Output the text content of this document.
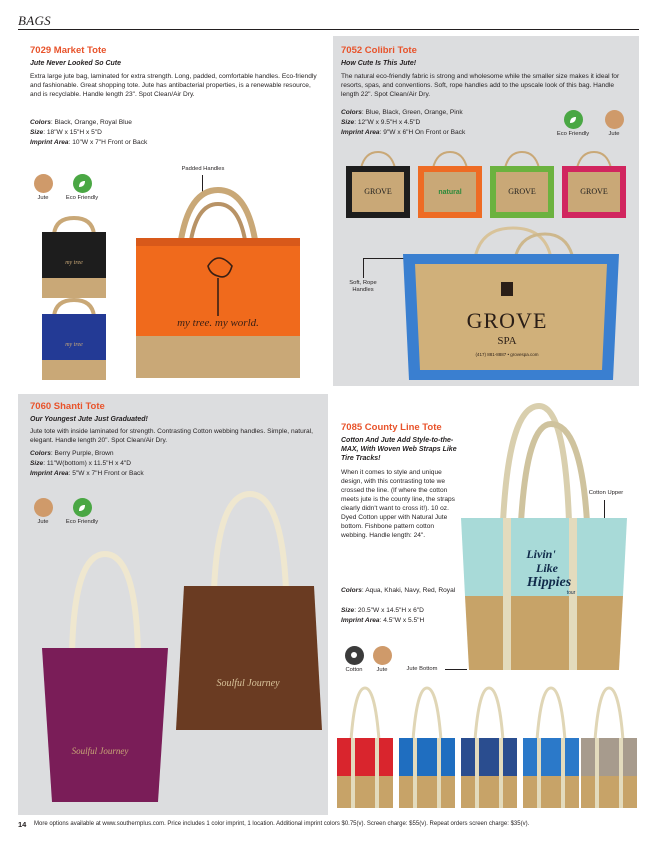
BAGS
7029 Market Tote
Jute Never Looked So Cute
Extra large jute bag, laminated for extra strength. Long, padded, comfortable handles. Eco-friendly and fashionable. Great shopping tote. Jute has antibacterial properties, is a renewable resource, and is recyclable. Handle length 23". Spot Clean/Air Dry.
Colors: Black, Orange, Royal Blue
Size: 18"W x 15"H x 5"D
Imprint Area: 10"W x 7"H Front or Back
Jute	Eco Friendly
my tree
my tree
Padded Handles
my tree. my world.
7052 Colibri Tote
How Cute Is This Jute!
The natural eco-friendly fabric is strong and wholesome while the smaller size makes it ideal for resorts, spas, and conventions. Soft, rope handles add to the upscale look of this bag. Handle length 22". Spot Clean/Air Dry.
Colors: Blue, Black, Green, Orange, Pink
Size: 12"W x 9.5"H x 4.5"D
Imprint Area: 9"W x 6"H On Front or Back	Eco Friendly	Jute
GROVE	natural	GROVE	GROVE
Soft, Rope Handles
GROVE
SPA
(417) 881-8887 • grovespa.com
7060 Shanti Tote
Our Youngest Jute Just Graduated!
Jute tote with inside laminated for strength. Contrasting Cotton webbing handles. Simple, natural, elegant. Handle length 20". Spot Clean/Air Dry.
Colors: Berry Purple, Brown
Size: 11"W(bottom) x 11.5"H x 4"D
Imprint Area: 5"W x 7"H Front or Back
Jute	Eco Friendly
Soulful Journey
Soulful Journey
7085 County Line Tote
Cotton And Jute Add Style-to-the-MAX, With Woven Web Straps Like Tire Tracks!
When it comes to style and unique design, with this contrasting tote we crossed the line. (If where the cotton meets jute is the county line, the straps clearly didn't want to cross it!). 10 oz. Dyed Cotton upper with Natural Jute bottom. Fishbone pattern cotton webbing. Handle length: 24".
Colors: Aqua, Khaki, Navy, Red, Royal
Size: 20.5"W x 14.5"H x 6"D
Imprint Area: 4.5"W x 5.5"H
Cotton	Jute
Cotton Upper
Jute Bottom
Livin'
Like
Hippies
tour
14 More options available at www.southernplus.com. Price includes 1 color imprint, 1 location. Additional imprint colors $0.75(v). Screen charge: $55(v). Repeat orders screen charge: $35(v).
